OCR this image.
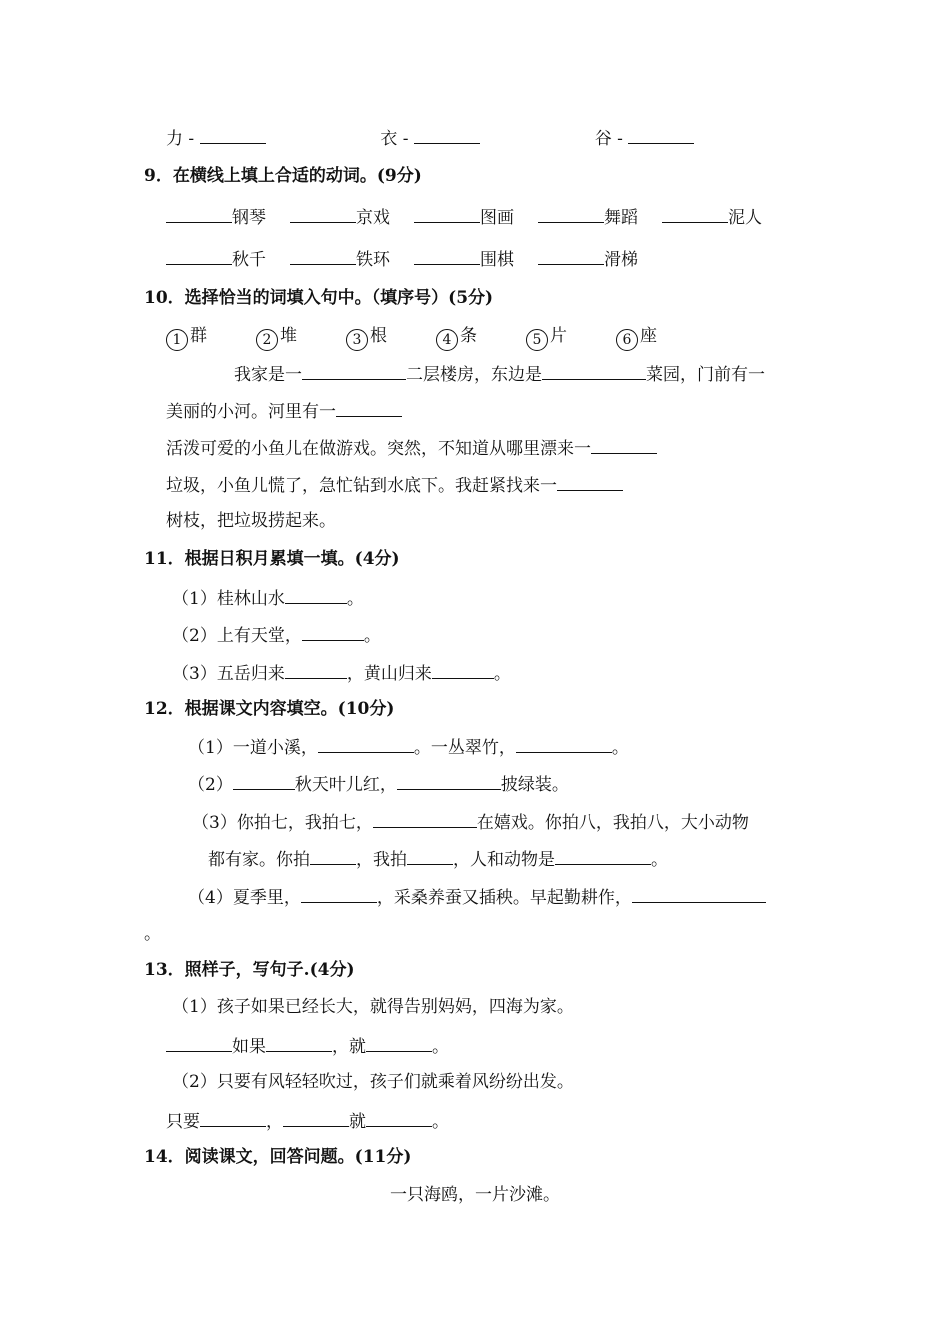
力 -	衣 -	谷 -
9．在横线上填上合适的动词。(9分)
钢琴	京戏	图画	舞蹈	泥人
秋千	铁环	围棋	滑梯
10．选择恰当的词填入句中。（填序号）(5分)
1 群	2 堆	3 根	4 条	5 片	6 座
我家是一	二层楼房，东边是	菜园，门前有一
美丽的小河。河里有一
活泼可爱的小鱼儿在做游戏。突然，不知道从哪里漂来一
垃圾，小鱼儿慌了，急忙钻到水底下。我赶紧找来一
树枝，把垃圾捞起来。
11．根据日积月累填一填。(4分)
（1）桂林山水	。
（2）上有天堂，	。
（3）五岳归来	，黄山归来	。
12．根据课文内容填空。(10分)
（1）一道小溪，	。一丛翠竹，	。
（2）	秋天叶儿红，	披绿装。
（3）你拍七，我拍七，	在嬉戏。你拍八，我拍八，大小动物
都有家。你拍	，我拍	，人和动物是	。
（4）夏季里，	，采桑养蚕又插秧。早起勤耕作，
。
13．照样子，写句子.(4分)
（1）孩子如果已经长大，就得告别妈妈，四海为家。
如果	，就	。
（2）只要有风轻轻吹过，孩子们就乘着风纷纷出发。
只要	，	就	。
14．阅读课文，回答问题。(11分)
一只海鸥，一片沙滩。
